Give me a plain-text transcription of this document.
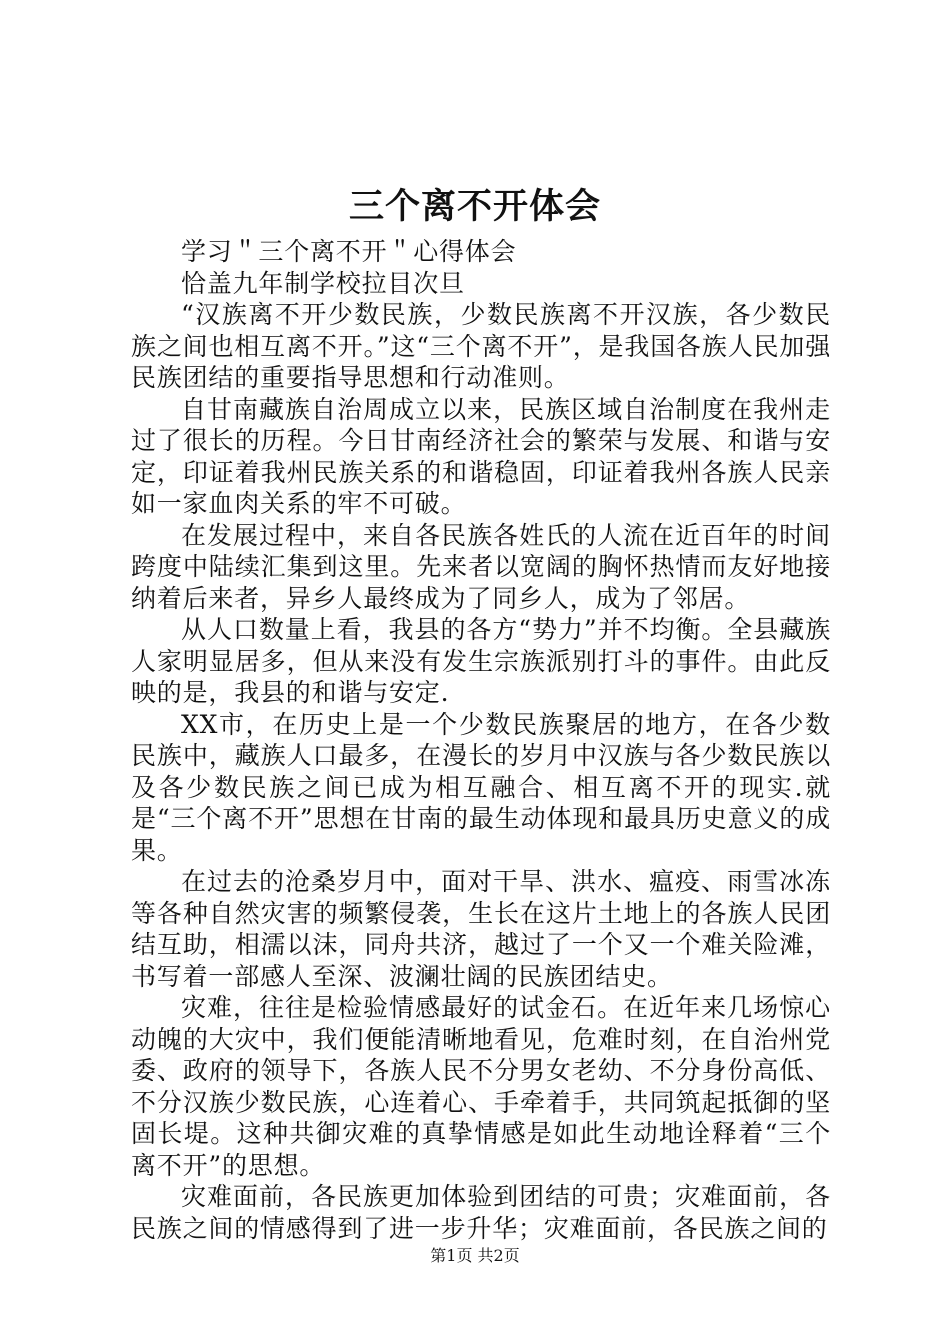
三个离不开体会

学习＂三个离不开＂心得体会

恰盖九年制学校拉目次旦

“汉族离不开少数民族，少数民族离不开汉族，各少数民族之间也相互离不开。”这“三个离不开”，是我国各族人民加强民族团结的重要指导思想和行动准则。

自甘南藏族自治周成立以来，民族区域自治制度在我州走过了很长的历程。今日甘南经济社会的繁荣与发展、和谐与安定，印证着我州民族关系的和谐稳固，印证着我州各族人民亲如一家血肉关系的牢不可破。

在发展过程中，来自各民族各姓氏的人流在近百年的时间跨度中陆续汇集到这里。先来者以宽阔的胸怀热情而友好地接纳着后来者，异乡人最终成为了同乡人，成为了邻居。

从人口数量上看，我县的各方“势力”并不均衡。全县藏族人家明显居多，但从来没有发生宗族派别打斗的事件。由此反映的是，我县的和谐与安定.

XX市，在历史上是一个少数民族聚居的地方，在各少数民族中，藏族人口最多，在漫长的岁月中汉族与各少数民族以及各少数民族之间已成为相互融合、相互离不开的现实.就是“三个离不开”思想在甘南的最生动体现和最具历史意义的成果。

在过去的沧桑岁月中，面对干旱、洪水、瘟疫、雨雪冰冻等各种自然灾害的频繁侵袭，生长在这片土地上的各族人民团结互助，相濡以沫，同舟共济，越过了一个又一个难关险滩，书写着一部感人至深、波澜壮阔的民族团结史。

灾难，往往是检验情感最好的试金石。在近年来几场惊心动魄的大灾中，我们便能清晰地看见，危难时刻，在自治州党委、政府的领导下，各族人民不分男女老幼、不分身份高低、不分汉族少数民族，心连着心、手牵着手，共同筑起抵御的坚固长堤。这种共御灾难的真挚情感是如此生动地诠释着“三个离不开”的思想。

灾难面前，各民族更加体验到团结的可贵；灾难面前，各民族之间的情感得到了进一步升华；灾难面前，各民族之间的

第1页 共2页
